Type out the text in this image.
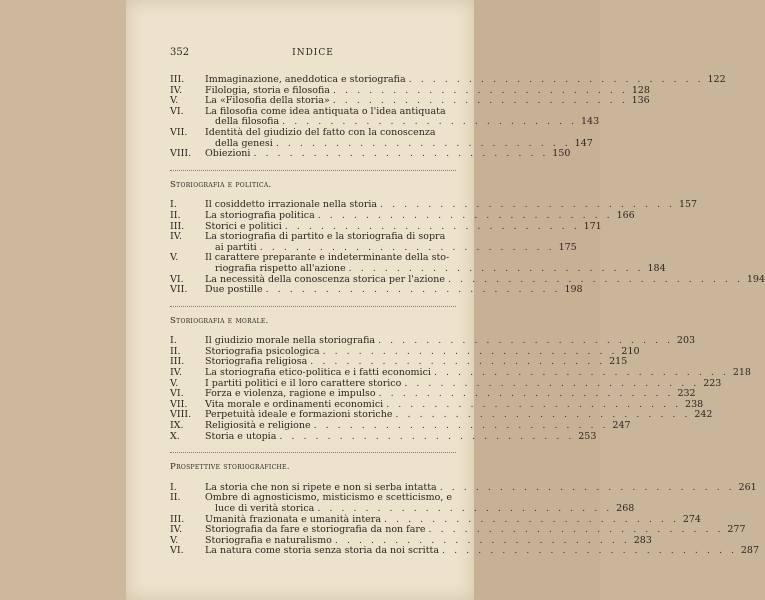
352	INDICE
III.	Immaginazione, aneddotica e storiografia . . . . . . . . . . . . . . . . . . . . . . . . . 122
IV.	Filologia, storia e filosofia . . . . . . . . . . . . . . . . . . . . . . . . . 128
V.	La «Filosofia della storia» . . . . . . . . . . . . . . . . . . . . . . . . . 136
VI.	La filosofia come idea antiquata o l'idea antiquata
della filosofia . . . . . . . . . . . . . . . . . . . . . . . . . 143
VII.	Identità del giudizio del fatto con la conoscenza
della genesi . . . . . . . . . . . . . . . . . . . . . . . . . 147
VIII.	Obiezioni . . . . . . . . . . . . . . . . . . . . . . . . . 150
Storiografia e politica.
I.	Il cosiddetto irrazionale nella storia . . . . . . . . . . . . . . . . . . . . . . . . . 157
II.	La storiografia politica . . . . . . . . . . . . . . . . . . . . . . . . . 166
III.	Storici e politici . . . . . . . . . . . . . . . . . . . . . . . . . 171
IV.	La storiografia di partito e la storiografia di sopra
ai partiti . . . . . . . . . . . . . . . . . . . . . . . . . 175
V.	Il carattere preparante e indeterminante della sto-
riografia rispetto all'azione . . . . . . . . . . . . . . . . . . . . . . . . . 184
VI.	La necessità della conoscenza storica per l'azione . . . . . . . . . . . . . . . . . . . . . . . . . 194
VII.	Due postille . . . . . . . . . . . . . . . . . . . . . . . . . 198
Storiografia e morale.
I.	Il giudizio morale nella storiografia . . . . . . . . . . . . . . . . . . . . . . . . . 203
II.	Storiografia psicologica . . . . . . . . . . . . . . . . . . . . . . . . . 210
III.	Storiografia religiosa . . . . . . . . . . . . . . . . . . . . . . . . . 215
IV.	La storiografia etico-politica e i fatti economici . . . . . . . . . . . . . . . . . . . . . . . . . 218
V.	I partiti politici e il loro carattere storico . . . . . . . . . . . . . . . . . . . . . . . . . 223
VI.	Forza e violenza, ragione e impulso . . . . . . . . . . . . . . . . . . . . . . . . . 232
VII.	Vita morale e ordinamenti economici . . . . . . . . . . . . . . . . . . . . . . . . . 238
VIII.	Perpetuità ideale e formazioni storiche . . . . . . . . . . . . . . . . . . . . . . . . . 242
IX.	Religiosità e religione . . . . . . . . . . . . . . . . . . . . . . . . . 247
X.	Storia e utopia . . . . . . . . . . . . . . . . . . . . . . . . . 253
Prospettive storiografiche.
I.	La storia che non si ripete e non si serba intatta . . . . . . . . . . . . . . . . . . . . . . . . . 261
II.	Ombre di agnosticismo, misticismo e scetticismo, e
luce di verità storica . . . . . . . . . . . . . . . . . . . . . . . . . 268
III.	Umanità frazionata e umanità intera . . . . . . . . . . . . . . . . . . . . . . . . . 274
IV.	Storiografia da fare e storiografia da non fare . . . . . . . . . . . . . . . . . . . . . . . . . 277
V.	Storiografia e naturalismo . . . . . . . . . . . . . . . . . . . . . . . . . 283
VI.	La natura come storia senza storia da noi scritta . . . . . . . . . . . . . . . . . . . . . . . . . 287
